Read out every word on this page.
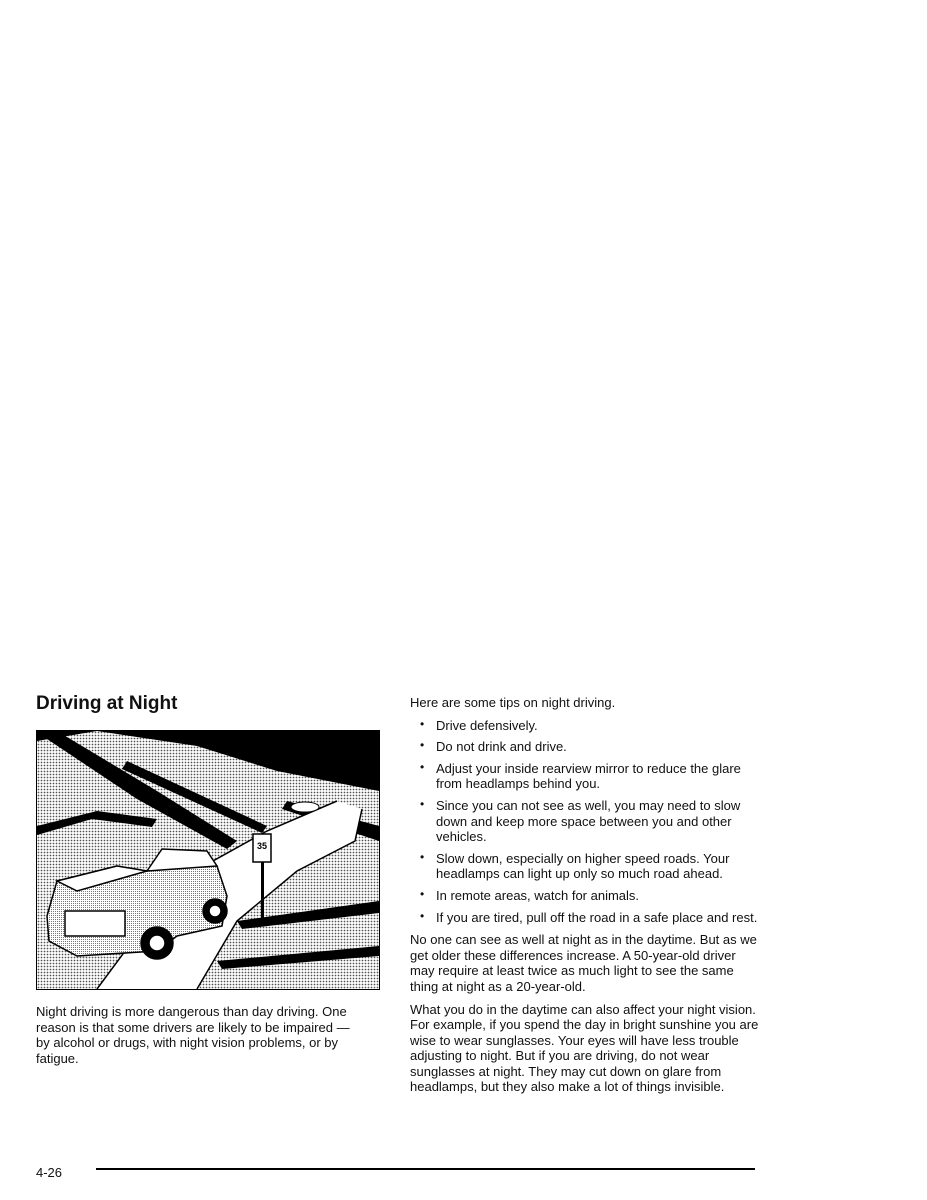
Driving at Night
35
Night driving is more dangerous than day driving. One reason is that some drivers are likely to be impaired — by alcohol or drugs, with night vision problems, or by fatigue.

Here are some tips on night driving.

• Drive defensively.
• Do not drink and drive.
• Adjust your inside rearview mirror to reduce the glare from headlamps behind you.
• Since you can not see as well, you may need to slow down and keep more space between you and other vehicles.
• Slow down, especially on higher speed roads. Your headlamps can light up only so much road ahead.
• In remote areas, watch for animals.
• If you are tired, pull off the road in a safe place and rest.

No one can see as well at night as in the daytime. But as we get older these differences increase. A 50-year-old driver may require at least twice as much light to see the same thing at night as a 20-year-old.

What you do in the daytime can also affect your night vision. For example, if you spend the day in bright sunshine you are wise to wear sunglasses. Your eyes will have less trouble adjusting to night. But if you are driving, do not wear sunglasses at night. They may cut down on glare from headlamps, but they also make a lot of things invisible.

4-26
